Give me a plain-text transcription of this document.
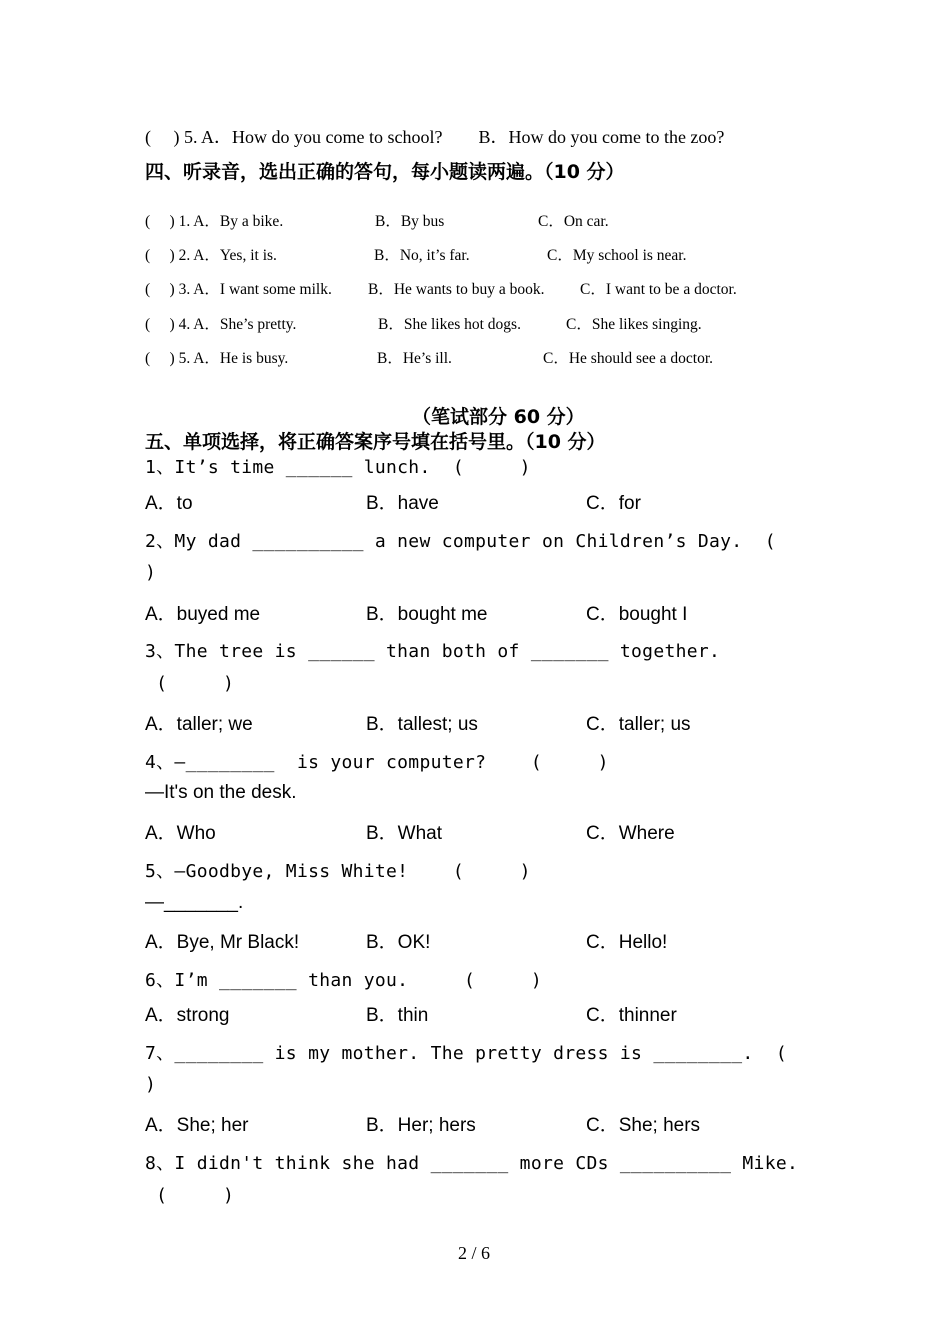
(     ) 5. A．How do you come to school?        B．How do you come to the zoo?
四、听录音，选出正确的答句，每小题读两遍。（10 分）
(     ) 1. A．By a bike.	B．By bus	C．On car.
(     ) 2. A．Yes, it is.	B．No, it’s far.	C．My school is near.
(     ) 3. A．I want some milk. B．He wants to buy a book. C．I want to be a doctor.
(     ) 4. A．She’s pretty.	B．She likes hot dogs.	C．She likes singing.
(     ) 5. A．He is busy.	B．He’s ill.	C．He should see a doctor.
（笔试部分 60 分）
五、单项选择，将正确答案序号填在括号里。（10 分）
1、It’s time ______ lunch.  (     )
A．to	B．have	C．for
2、My dad __________ a new computer on Children’s Day.  (
)
A．buyed me	B．bought me	C．bought I
3、The tree is ______ than both of _______ together.
(     )
A．taller; we	B．tallest; us	C．taller; us
4、—________  is your computer?    (     )
—It's on the desk.
A．Who	B．What	C．Where
5、—Goodbye, Miss White!    (     )
—_______.
A．Bye, Mr Black!	B．OK!	C．Hello!
6、I’m _______ than you.     (     )
A．strong	B．thin	C．thinner
7、________ is my mother. The pretty dress is ________.  (
)
A．She; her	B．Her; hers	C．She; hers
8、I didn't think she had _______ more CDs __________ Mike.
(     )
2 / 6
